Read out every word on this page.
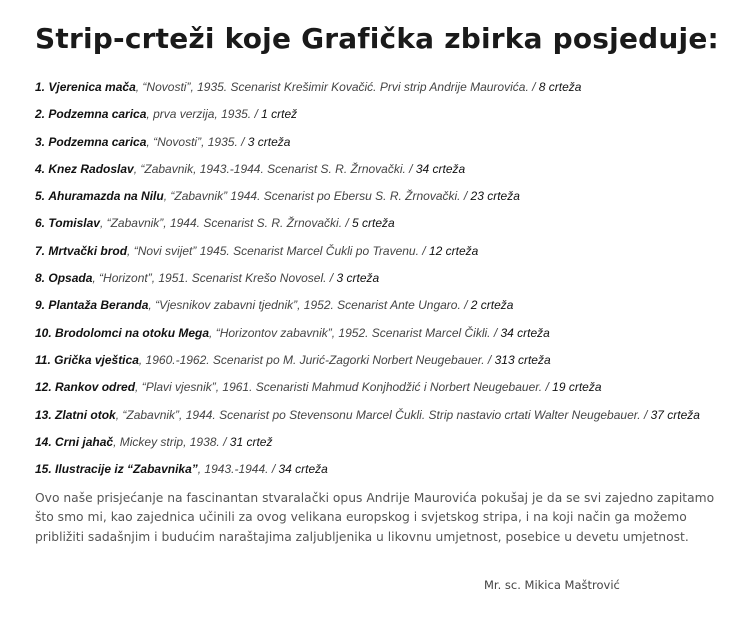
Strip-crteži koje Grafička zbirka posjeduje:
1. Vjerenica mača, “Novosti”, 1935. Scenarist Krešimir Kovačić. Prvi strip Andrije Maurovića. / 8 crteža
2. Podzemna carica, prva verzija, 1935. / 1 crtež
3. Podzemna carica, “Novosti”, 1935. / 3 crteža
4. Knez Radoslav, “Zabavnik, 1943.-1944. Scenarist S. R. Žrnovački. / 34 crteža
5. Ahuramazda na Nilu, “Zabavnik” 1944. Scenarist po Ebersu S. R. Žrnovački. / 23 crteža
6. Tomislav, “Zabavnik”, 1944. Scenarist S. R. Žrnovački. / 5 crteža
7. Mrtvački brod, “Novi svijet” 1945. Scenarist Marcel Čukli po Travenu. / 12 crteža
8. Opsada, “Horizont”, 1951. Scenarist Krešo Novosel. / 3 crteža
9. Plantaža Beranda, “Vjesnikov zabavni tjednik”, 1952. Scenarist Ante Ungaro. / 2 crteža
10. Brodolomci na otoku Mega, “Horizontov zabavnik”, 1952. Scenarist Marcel Čikli. / 34 crteža
11. Grička vještica, 1960.-1962. Scenarist po M. Jurić-Zagorki Norbert Neugebauer. / 313 crteža
12. Rankov odred, “Plavi vjesnik”, 1961. Scenaristi Mahmud Konjhodžić i Norbert Neugebauer. / 19 crteža
13. Zlatni otok, “Zabavnik”, 1944. Scenarist po Stevensonu Marcel Čukli. Strip nastavio crtati Walter Neugebauer. / 37 crteža
14. Crni jahač, Mickey strip, 1938. / 31 crtež
15. Ilustracije iz “Zabavnika”, 1943.-1944. / 34 crteža

Ovo naše prisjećanje na fascinantan stvaralački opus Andrije Maurovića pokušaj je da se svi zajedno zapitamo što smo mi, kao zajednica učinili za ovog velikana europskog i svjetskog stripa, i na koji način ga možemo približiti sadašnjim i budućim naraštajima zaljubljenika u likovnu umjetnost, posebice u devetu umjetnost.

Mr. sc. Mikica Maštrović
